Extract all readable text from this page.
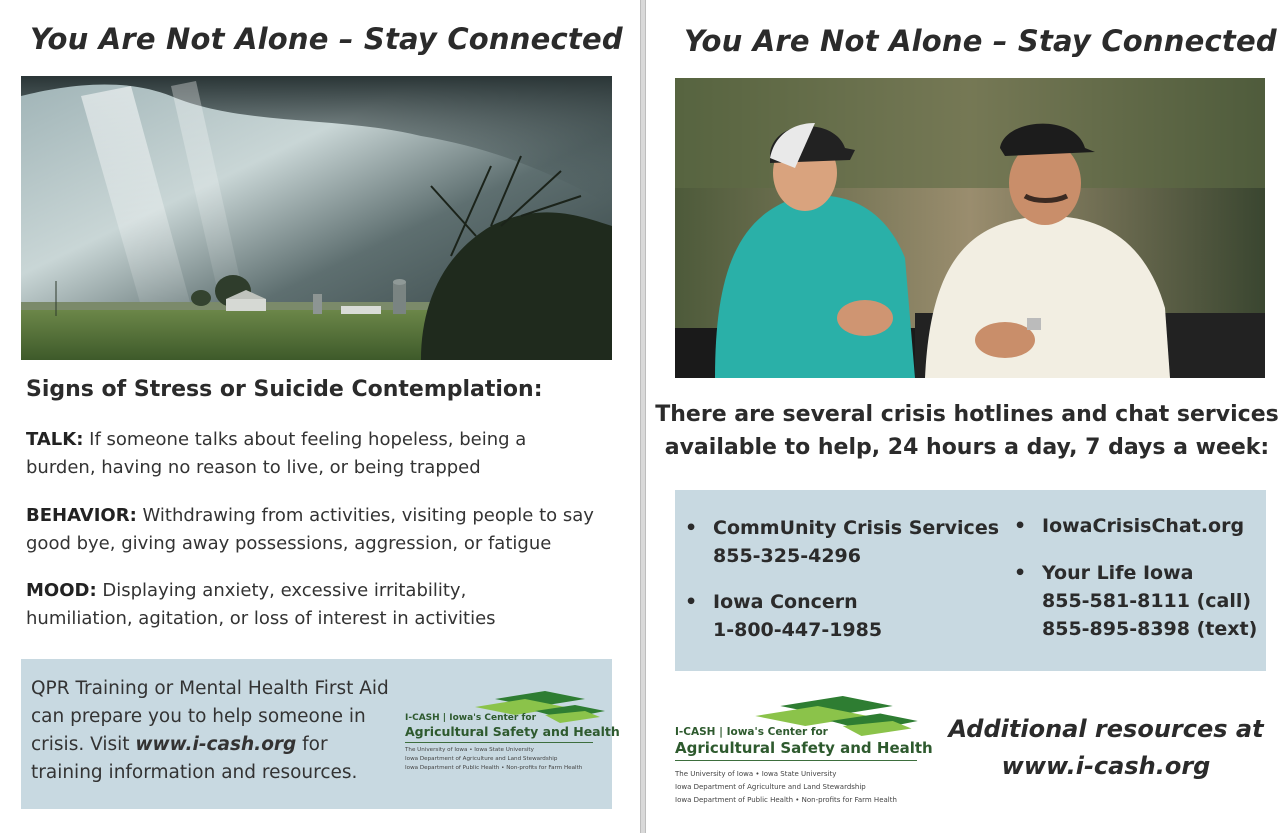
You Are Not Alone – Stay Connected
Signs of Stress or Suicide Contemplation:
TALK: If someone talks about feeling hopeless, being a
burden, having no reason to live, or being trapped
BEHAVIOR: Withdrawing from activities, visiting people to say
good bye, giving away possessions, aggression, or fatigue
MOOD: Displaying anxiety, excessive irritability,
humiliation, agitation, or loss of interest in activities
QPR Training or Mental Health First Aid
can prepare you to help someone in
crisis. Visit www.i-cash.org for
training information and resources.
I-CASH | Iowa's Center for
Agricultural Safety and Health
The University of Iowa • Iowa State University
Iowa Department of Agriculture and Land Stewardship
Iowa Department of Public Health • Non-profits for Farm Health
You Are Not Alone – Stay Connected
There are several crisis hotlines and chat services
available to help, 24 hours a day, 7 days a week:
• CommUnity Crisis Services
855-325-4296
• Iowa Concern
1-800-447-1985
• IowaCrisisChat.org
• Your Life Iowa
855-581-8111 (call)
855-895-8398 (text)
I-CASH | Iowa's Center for
Agricultural Safety and Health
The University of Iowa • Iowa State University
Iowa Department of Agriculture and Land Stewardship
Iowa Department of Public Health • Non-profits for Farm Health
Additional resources at
www.i-cash.org
